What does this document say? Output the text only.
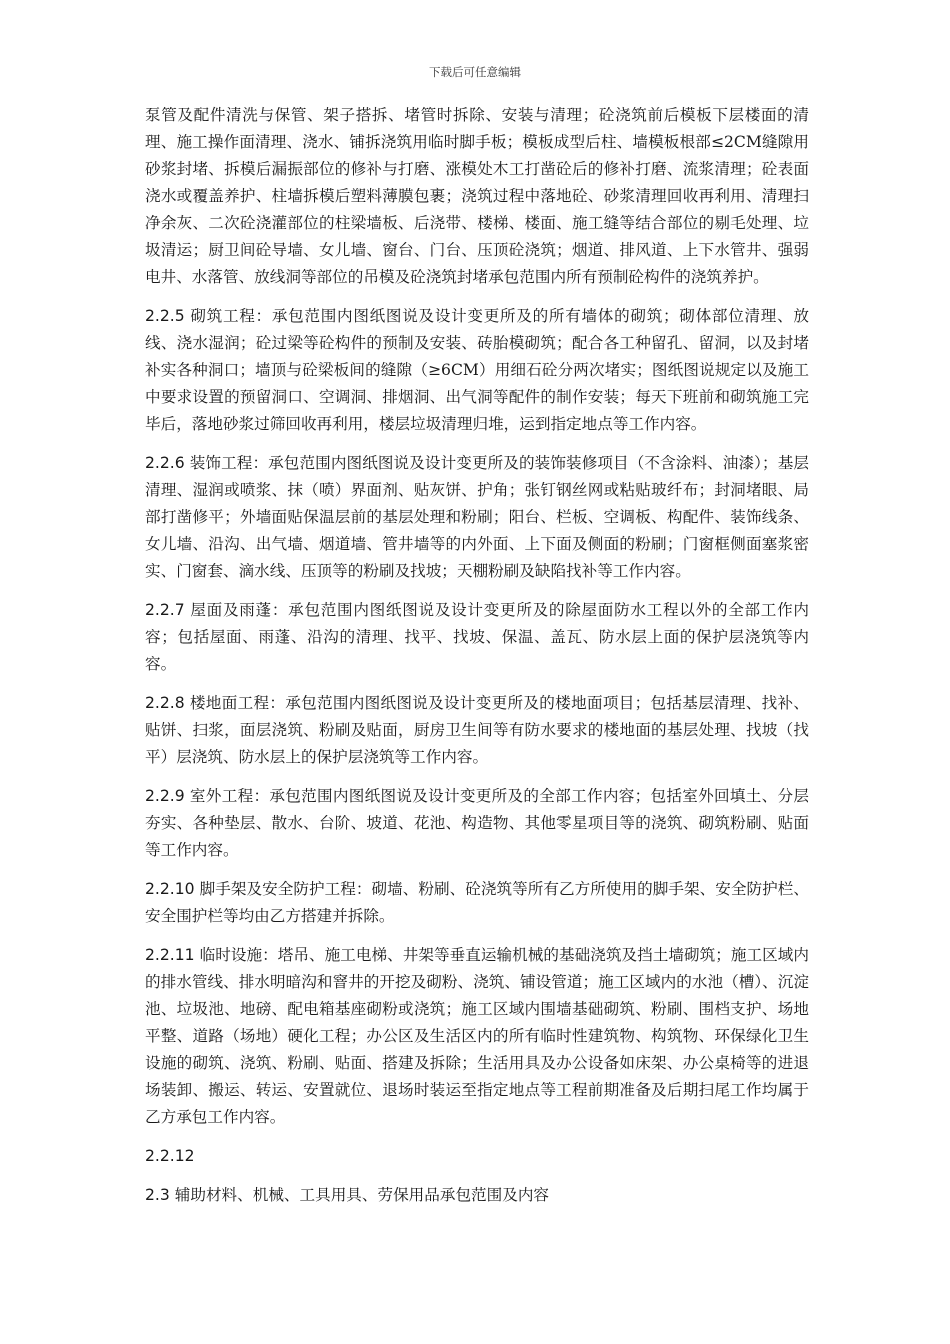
下载后可任意编辑

泵管及配件清洗与保管、架子搭拆、堵管时拆除、安装与清理；砼浇筑前后模板下层楼面的清理、施工操作面清理、浇水、铺拆浇筑用临时脚手板；模板成型后柱、墙模板根部≤2CM缝隙用砂浆封堵、拆模后漏振部位的修补与打磨、涨模处木工打凿砼后的修补打磨、流浆清理；砼表面浇水或覆盖养护、柱墙拆模后塑料薄膜包裹；浇筑过程中落地砼、砂浆清理回收再利用、清理扫净余灰、二次砼浇灌部位的柱梁墙板、后浇带、楼梯、楼面、施工缝等结合部位的剔毛处理、垃圾清运；厨卫间砼导墙、女儿墙、窗台、门台、压顶砼浇筑；烟道、排风道、上下水管井、强弱电井、水落管、放线洞等部位的吊模及砼浇筑封堵承包范围内所有预制砼构件的浇筑养护。

2.2.5 砌筑工程：承包范围内图纸图说及设计变更所及的所有墙体的砌筑；砌体部位清理、放线、浇水湿润；砼过梁等砼构件的预制及安装、砖胎模砌筑；配合各工种留孔、留洞，以及封堵补实各种洞口；墙顶与砼梁板间的缝隙（≥6CM）用细石砼分两次堵实；图纸图说规定以及施工中要求设置的预留洞口、空调洞、排烟洞、出气洞等配件的制作安装；每天下班前和砌筑施工完毕后，落地砂浆过筛回收再利用，楼层垃圾清理归堆，运到指定地点等工作内容。

2.2.6 装饰工程：承包范围内图纸图说及设计变更所及的装饰装修项目（不含涂料、油漆）；基层清理、湿润或喷浆、抹（喷）界面剂、贴灰饼、护角；张钉钢丝网或粘贴玻纤布；封洞堵眼、局部打凿修平；外墙面贴保温层前的基层处理和粉刷；阳台、栏板、空调板、构配件、装饰线条、女儿墙、沿沟、出气墙、烟道墙、管井墙等的内外面、上下面及侧面的粉刷；门窗框侧面塞浆密实、门窗套、滴水线、压顶等的粉刷及找坡；天棚粉刷及缺陷找补等工作内容。

2.2.7 屋面及雨蓬：承包范围内图纸图说及设计变更所及的除屋面防水工程以外的全部工作内容；包括屋面、雨蓬、沿沟的清理、找平、找坡、保温、盖瓦、防水层上面的保护层浇筑等内容。

2.2.8 楼地面工程：承包范围内图纸图说及设计变更所及的楼地面项目；包括基层清理、找补、贴饼、扫浆，面层浇筑、粉刷及贴面，厨房卫生间等有防水要求的楼地面的基层处理、找坡（找平）层浇筑、防水层上的保护层浇筑等工作内容。

2.2.9 室外工程：承包范围内图纸图说及设计变更所及的全部工作内容；包括室外回填土、分层夯实、各种垫层、散水、台阶、坡道、花池、构造物、其他零星项目等的浇筑、砌筑粉刷、贴面等工作内容。

2.2.10 脚手架及安全防护工程：砌墙、粉刷、砼浇筑等所有乙方所使用的脚手架、安全防护栏、安全围护栏等均由乙方搭建并拆除。

2.2.11 临时设施：塔吊、施工电梯、井架等垂直运输机械的基础浇筑及挡土墙砌筑；施工区域内的排水管线、排水明暗沟和窨井的开挖及砌粉、浇筑、铺设管道；施工区域内的水池（槽）、沉淀池、垃圾池、地磅、配电箱基座砌粉或浇筑；施工区域内围墙基础砌筑、粉刷、围档支护、场地平整、道路（场地）硬化工程；办公区及生活区内的所有临时性建筑物、构筑物、环保绿化卫生设施的砌筑、浇筑、粉刷、贴面、搭建及拆除；生活用具及办公设备如床架、办公桌椅等的进退场装卸、搬运、转运、安置就位、退场时装运至指定地点等工程前期准备及后期扫尾工作均属于乙方承包工作内容。

2.2.12

2.3 辅助材料、机械、工具用具、劳保用品承包范围及内容
